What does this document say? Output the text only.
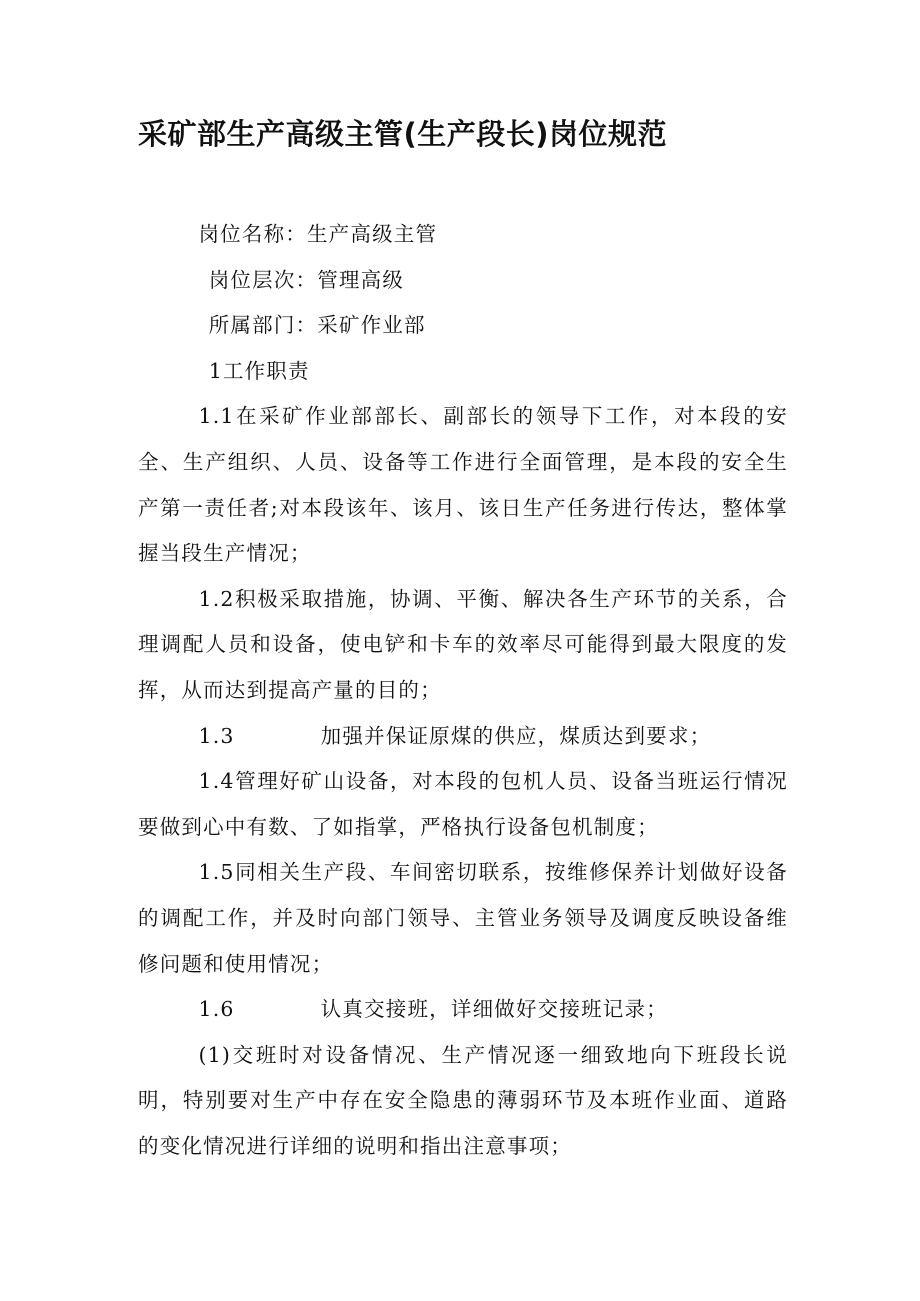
采矿部生产高级主管(生产段长)岗位规范

岗位名称：生产高级主管

岗位层次：管理高级

所属部门：采矿作业部

1工作职责

1.1在采矿作业部部长、副部长的领导下工作，对本段的安全、生产组织、人员、设备等工作进行全面管理，是本段的安全生产第一责任者;对本段该年、该月、该日生产任务进行传达，整体掌握当段生产情况；

1.2积极采取措施，协调、平衡、解决各生产环节的关系，合理调配人员和设备，使电铲和卡车的效率尽可能得到最大限度的发挥，从而达到提高产量的目的；

1.3	加强并保证原煤的供应，煤质达到要求；

1.4管理好矿山设备，对本段的包机人员、设备当班运行情况要做到心中有数、了如指掌，严格执行设备包机制度；

1.5同相关生产段、车间密切联系，按维修保养计划做好设备的调配工作，并及时向部门领导、主管业务领导及调度反映设备维修问题和使用情况；

1.6	认真交接班，详细做好交接班记录；

(1)交班时对设备情况、生产情况逐一细致地向下班段长说明，特别要对生产中存在安全隐患的薄弱环节及本班作业面、道路的变化情况进行详细的说明和指出注意事项；
